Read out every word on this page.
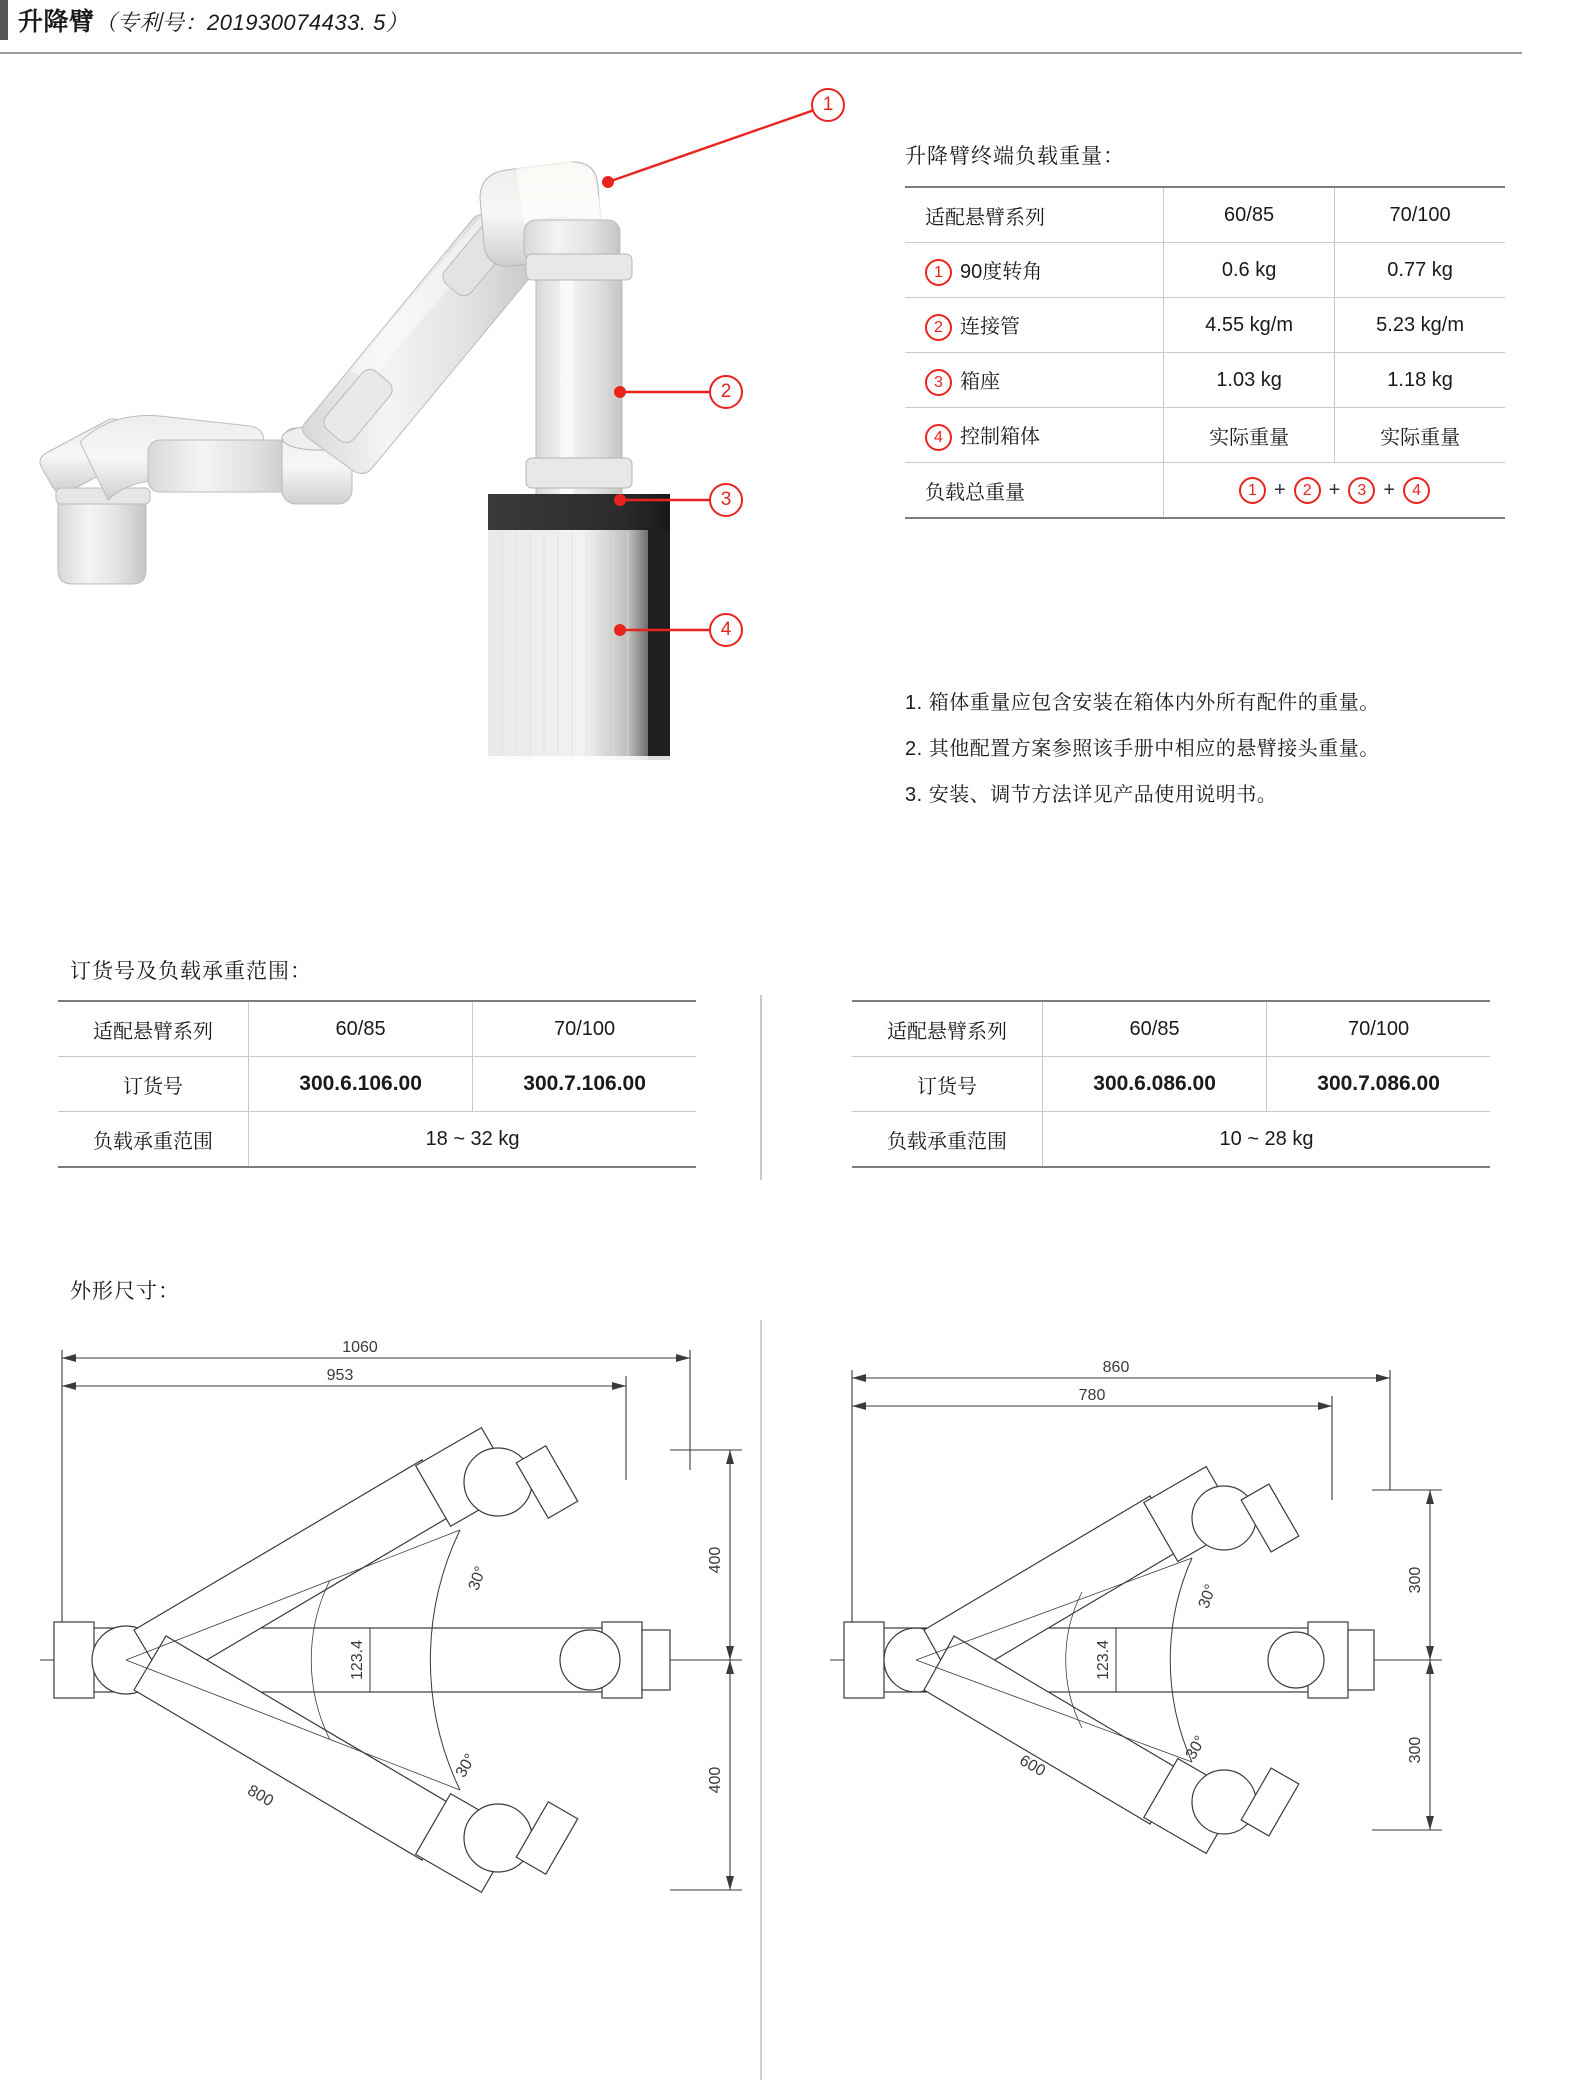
升降臂（专利号：201930074433. 5）
1
2
3
4
升降臂终端负载重量：
适配悬臂系列	60/85	70/100
1 90度转角	0.6 kg	0.77 kg
2 连接管	4.55 kg/m	5.23 kg/m
3 箱座	1.03 kg	1.18 kg
4 控制箱体	实际重量	实际重量
负载总重量	1 + 2 + 3 + 4	
1. 箱体重量应包含安装在箱体内外所有配件的重量。
2. 其他配置方案参照该手册中相应的悬臂接头重量。
3. 安装、调节方法详见产品使用说明书。
订货号及负载承重范围：
适配悬臂系列	60/85	70/100
订货号	300.6.106.00	300.7.106.00
负载承重范围	18 ~ 32 kg	
适配悬臂系列	60/85	70/100
订货号	300.6.086.00	300.7.086.00
负载承重范围	10 ~ 28 kg	
外形尺寸：
1060
953
400
400
123.4
30°
30°
800
860
780
300
300
123.4
30°
30°
600
